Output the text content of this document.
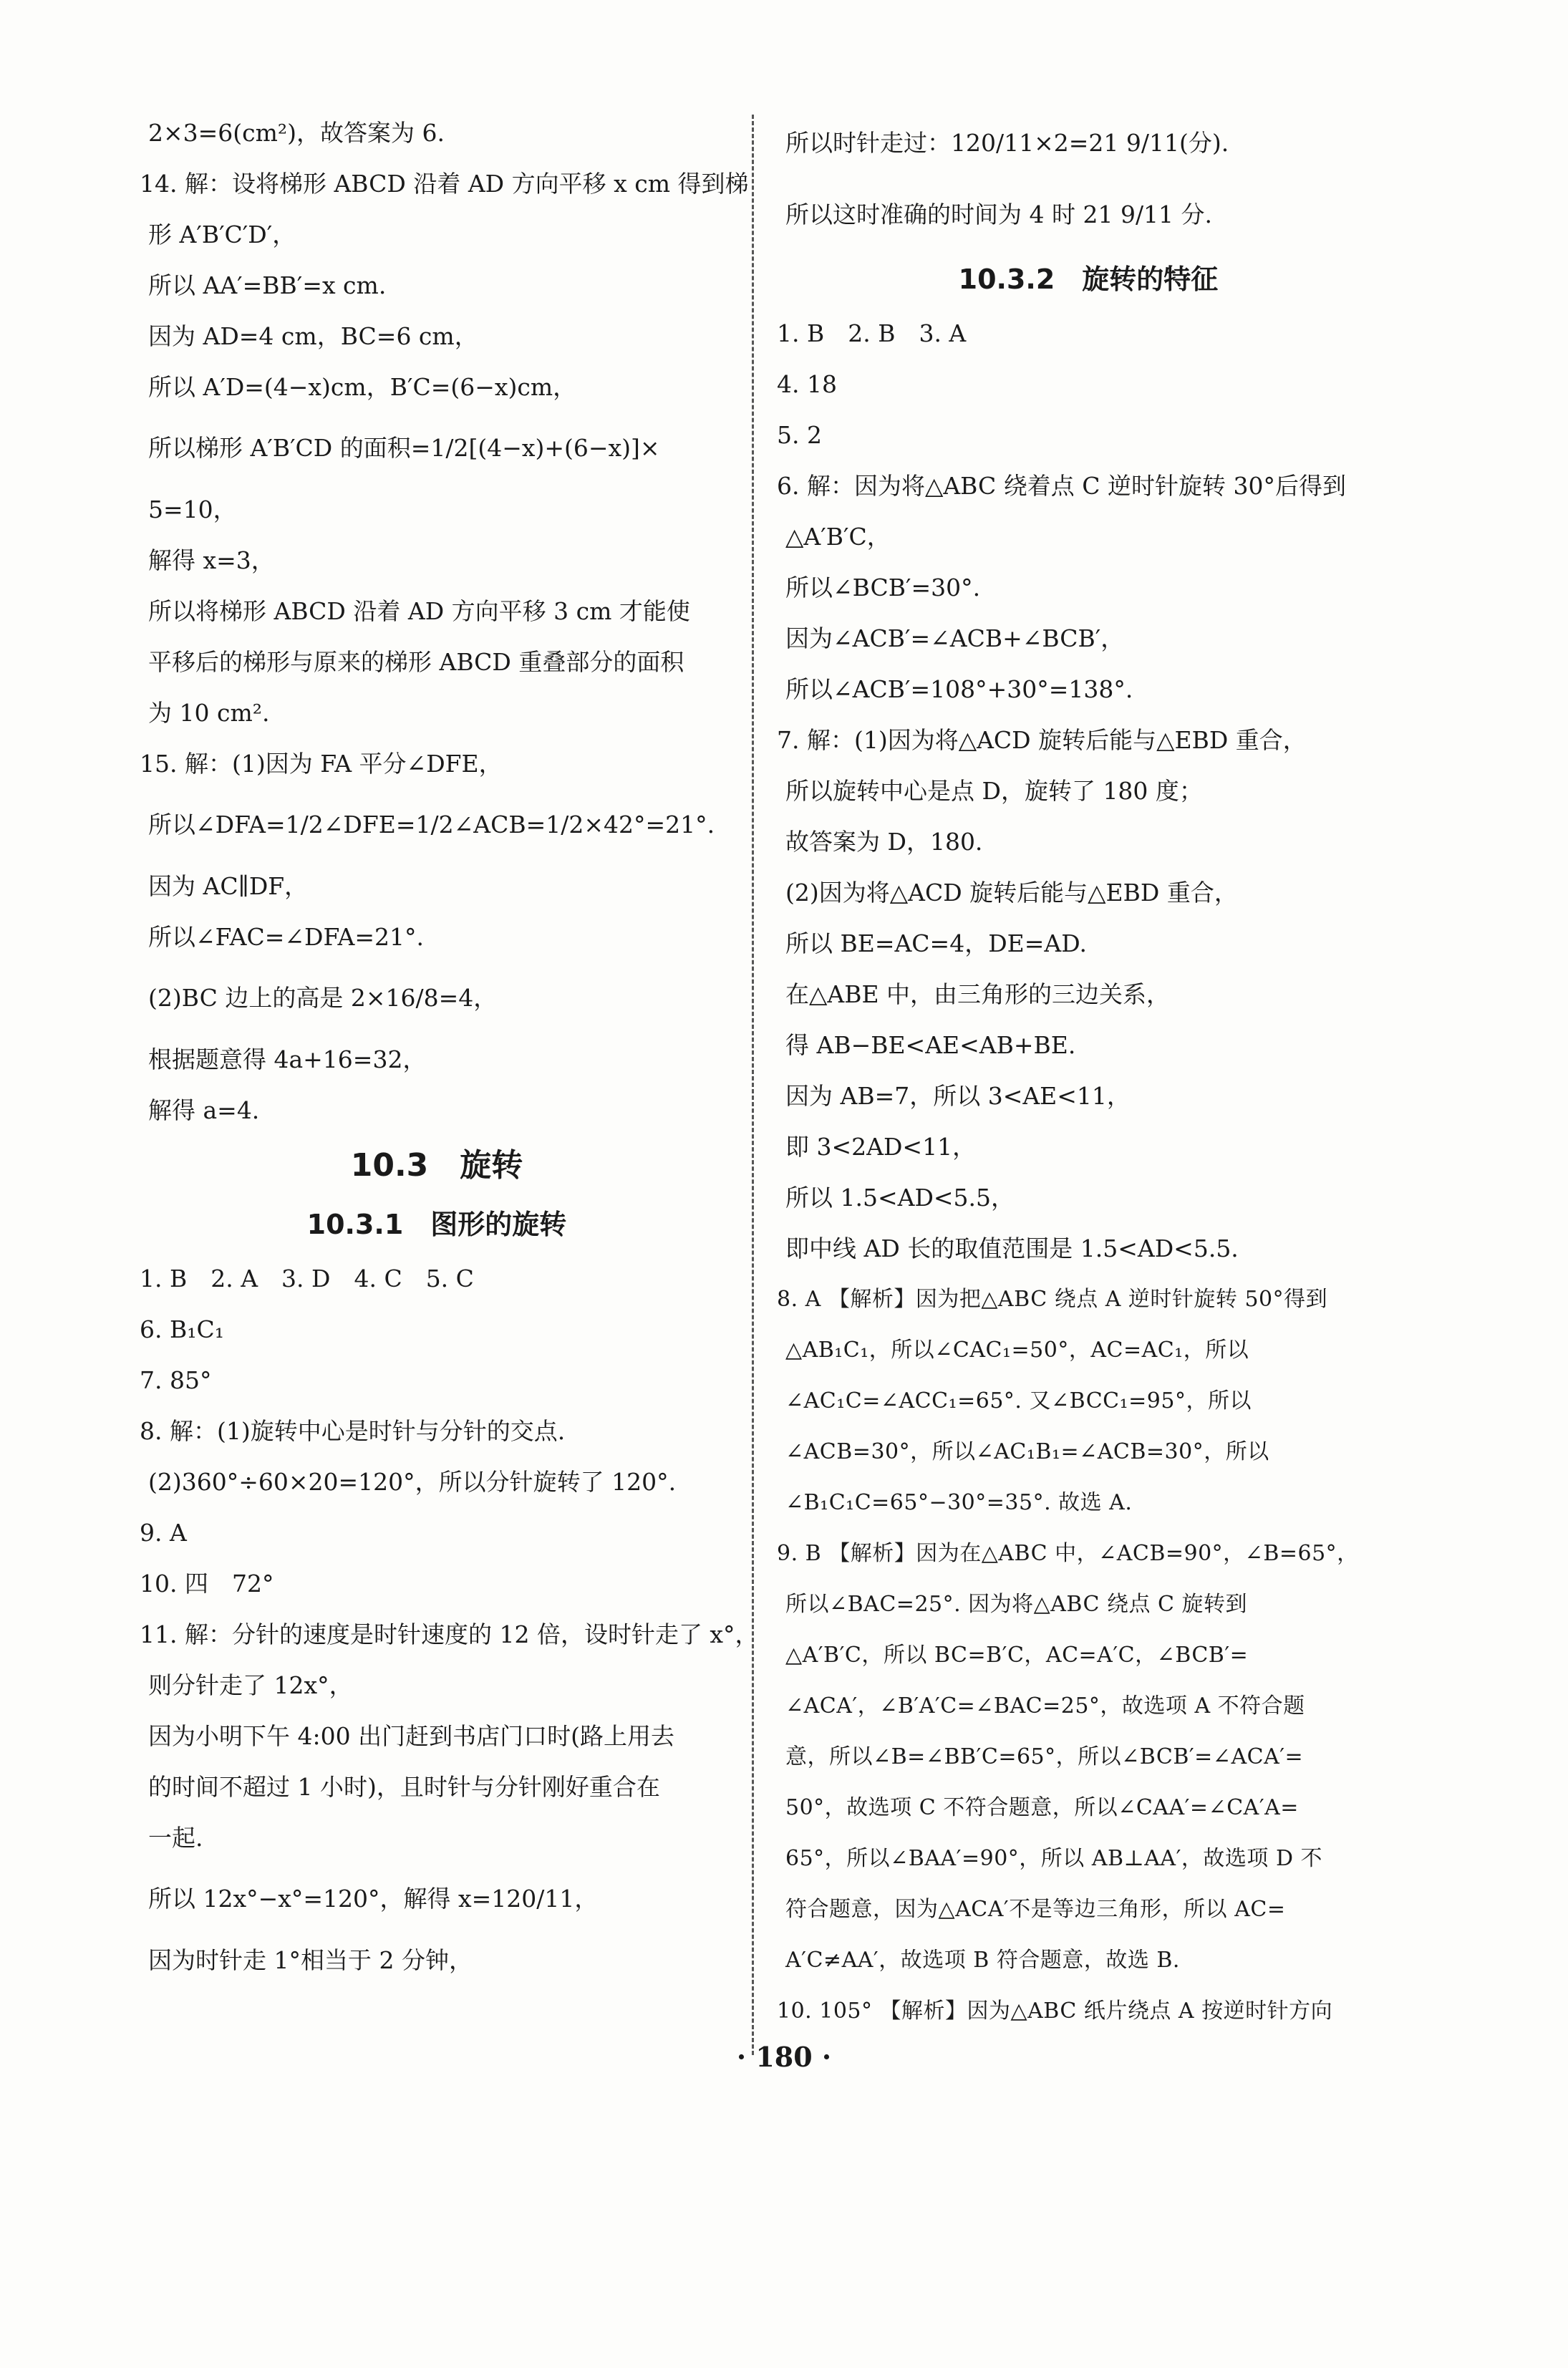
2×3=6(cm²)，故答案为 6.
14. 解：设将梯形 ABCD 沿着 AD 方向平移 x cm 得到梯
形 A′B′C′D′，
所以 AA′=BB′=x cm.
因为 AD=4 cm，BC=6 cm，
所以 A′D=(4−x)cm，B′C=(6−x)cm，
所以梯形 A′B′CD 的面积=1/2[(4−x)+(6−x)]×
5=10，
解得 x=3，
所以将梯形 ABCD 沿着 AD 方向平移 3 cm 才能使
平移后的梯形与原来的梯形 ABCD 重叠部分的面积
为 10 cm².
15. 解：(1)因为 FA 平分∠DFE，
所以∠DFA=1/2∠DFE=1/2∠ACB=1/2×42°=21°.
因为 AC∥DF，
所以∠FAC=∠DFA=21°.
(2)BC 边上的高是 2×16/8=4，
根据题意得 4a+16=32，
解得 a=4.
10.3　旋转
10.3.1　图形的旋转
1. B　2. A　3. D　4. C　5. C
6. B₁C₁
7. 85°
8. 解：(1)旋转中心是时针与分针的交点.
(2)360°÷60×20=120°，所以分针旋转了 120°.
9. A
10. 四　72°
11. 解：分针的速度是时针速度的 12 倍，设时针走了 x°，
则分针走了 12x°，
因为小明下午 4:00 出门赶到书店门口时(路上用去
的时间不超过 1 小时)，且时针与分针刚好重合在
一起.
所以 12x°−x°=120°，解得 x=120/11，
因为时针走 1°相当于 2 分钟，
所以时针走过：120/11×2=21 9/11(分).
所以这时准确的时间为 4 时 21 9/11 分.
10.3.2　旋转的特征
1. B　2. B　3. A
4. 18
5. 2
6. 解：因为将△ABC 绕着点 C 逆时针旋转 30°后得到
△A′B′C，
所以∠BCB′=30°.
因为∠ACB′=∠ACB+∠BCB′，
所以∠ACB′=108°+30°=138°.
7. 解：(1)因为将△ACD 旋转后能与△EBD 重合，
所以旋转中心是点 D，旋转了 180 度；
故答案为 D，180.
(2)因为将△ACD 旋转后能与△EBD 重合，
所以 BE=AC=4，DE=AD.
在△ABE 中，由三角形的三边关系，
得 AB−BE<AE<AB+BE.
因为 AB=7，所以 3<AE<11，
即 3<2AD<11，
所以 1.5<AD<5.5，
即中线 AD 长的取值范围是 1.5<AD<5.5.
8. A 【解析】因为把△ABC 绕点 A 逆时针旋转 50°得到
△AB₁C₁，所以∠CAC₁=50°，AC=AC₁，所以
∠AC₁C=∠ACC₁=65°. 又∠BCC₁=95°，所以
∠ACB=30°，所以∠AC₁B₁=∠ACB=30°，所以
∠B₁C₁C=65°−30°=35°. 故选 A.
9. B 【解析】因为在△ABC 中，∠ACB=90°，∠B=65°，
所以∠BAC=25°. 因为将△ABC 绕点 C 旋转到
△A′B′C，所以 BC=B′C，AC=A′C，∠BCB′=
∠ACA′，∠B′A′C=∠BAC=25°，故选项 A 不符合题
意，所以∠B=∠BB′C=65°，所以∠BCB′=∠ACA′=
50°，故选项 C 不符合题意，所以∠CAA′=∠CA′A=
65°，所以∠BAA′=90°，所以 AB⊥AA′，故选项 D 不
符合题意，因为△ACA′不是等边三角形，所以 AC=
A′C≠AA′，故选项 B 符合题意，故选 B.
10. 105° 【解析】因为△ABC 纸片绕点 A 按逆时针方向
· 180 ·
